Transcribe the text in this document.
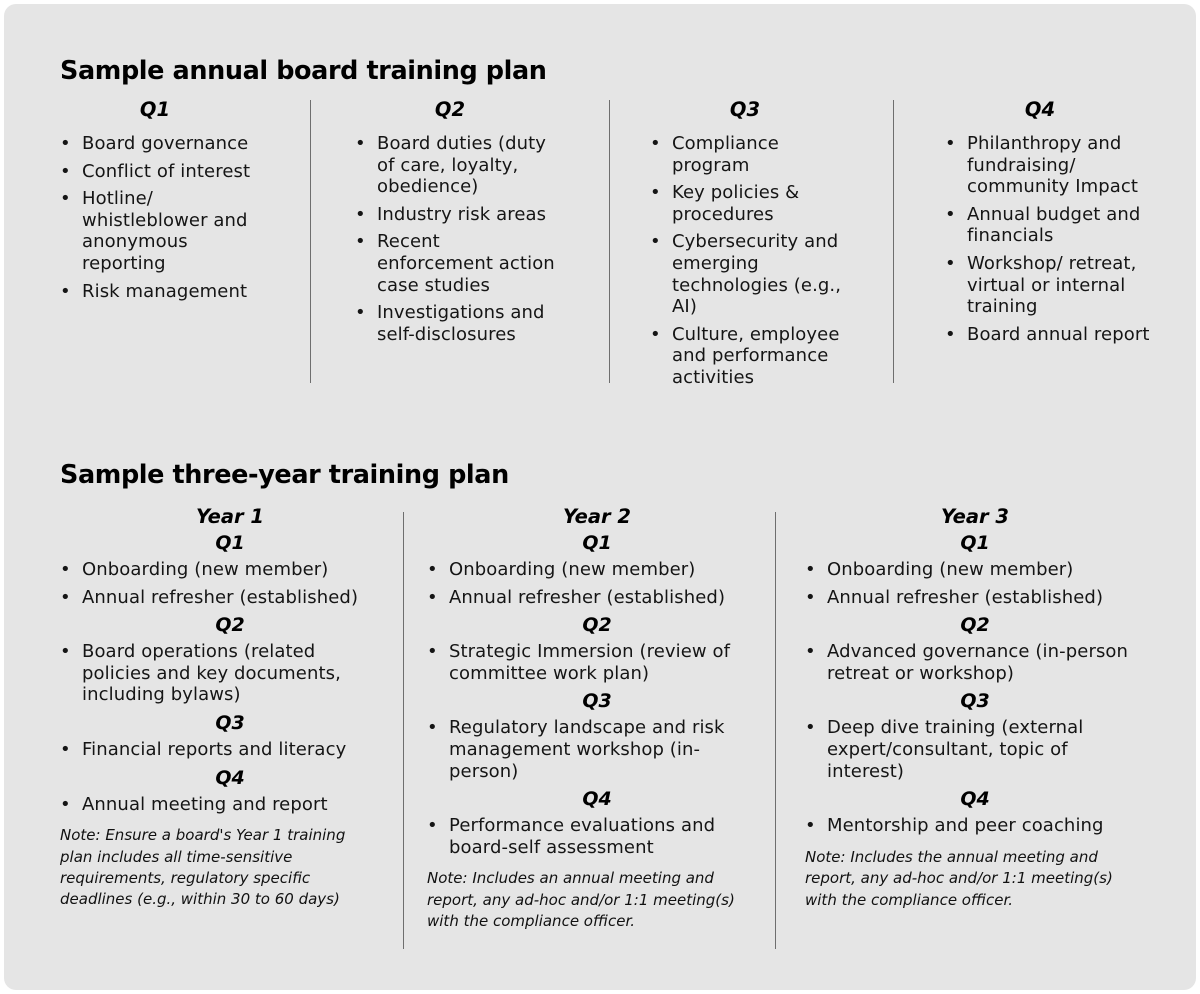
Sample annual board training plan
Q1
• Board governance
• Conflict of interest
• Hotline/ whistleblower and anonymous reporting
• Risk management
Q2
• Board duties (duty of care, loyalty, obedience)
• Industry risk areas
• Recent enforcement action case studies
• Investigations and self-disclosures
Q3
• Compliance program
• Key policies & procedures
• Cybersecurity and emerging technologies (e.g., AI)
• Culture, employee and performance activities
Q4
• Philanthropy and fundraising/ community Impact
• Annual budget and financials
• Workshop/ retreat, virtual or internal training
• Board annual report
Sample three-year training plan
Year 1
Q1
• Onboarding (new member)
• Annual refresher (established)
Q2
• Board operations (related policies and key documents, including bylaws)
Q3
• Financial reports and literacy
Q4
• Annual meeting and report
Note: Ensure a board's Year 1 training plan includes all time-sensitive requirements, regulatory specific deadlines (e.g., within 30 to 60 days)
Year 2
Q1
• Onboarding (new member)
• Annual refresher (established)
Q2
• Strategic Immersion (review of committee work plan)
Q3
• Regulatory landscape and risk management workshop (in-person)
Q4
• Performance evaluations and board-self assessment
Note: Includes an annual meeting and report, any ad-hoc and/or 1:1 meeting(s) with the compliance officer.
Year 3
Q1
• Onboarding (new member)
• Annual refresher (established)
Q2
• Advanced governance (in-person retreat or workshop)
Q3
• Deep dive training (external expert/consultant, topic of interest)
Q4
• Mentorship and peer coaching
Note: Includes the annual meeting and report, any ad-hoc and/or 1:1 meeting(s) with the compliance officer.
